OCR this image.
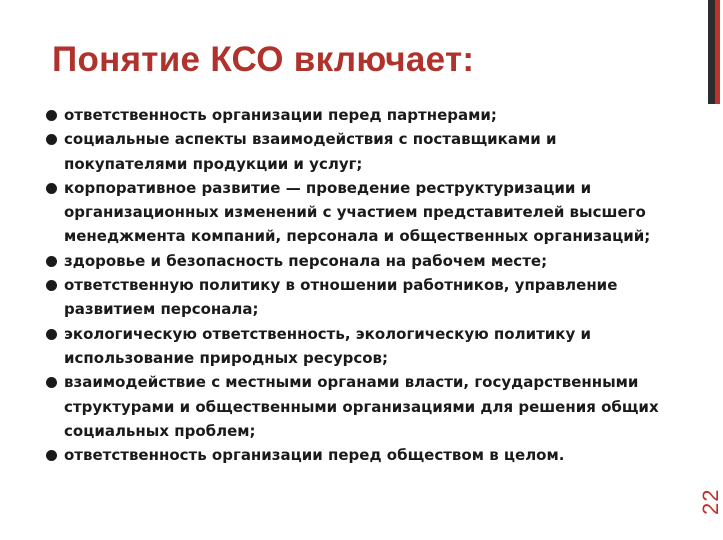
Понятие КСО включает:
ответственность организации перед партнерами;
социальные аспекты взаимодействия с поставщиками и покупателями продукции и услуг;
корпоративное развитие — проведение реструктуризации и организационных изменений с участием представителей высшего менеджмента компаний, персонала и общественных организаций;
здоровье и безопасность персонала на рабочем месте;
ответственную политику в отношении работников, управление развитием персонала;
экологическую ответственность, экологическую политику и использование природных ресурсов;
взаимодействие с местными органами власти, государственными структурами и общественными организациями для решения общих социальных проблем;
ответственность организации перед обществом в целом.
22
